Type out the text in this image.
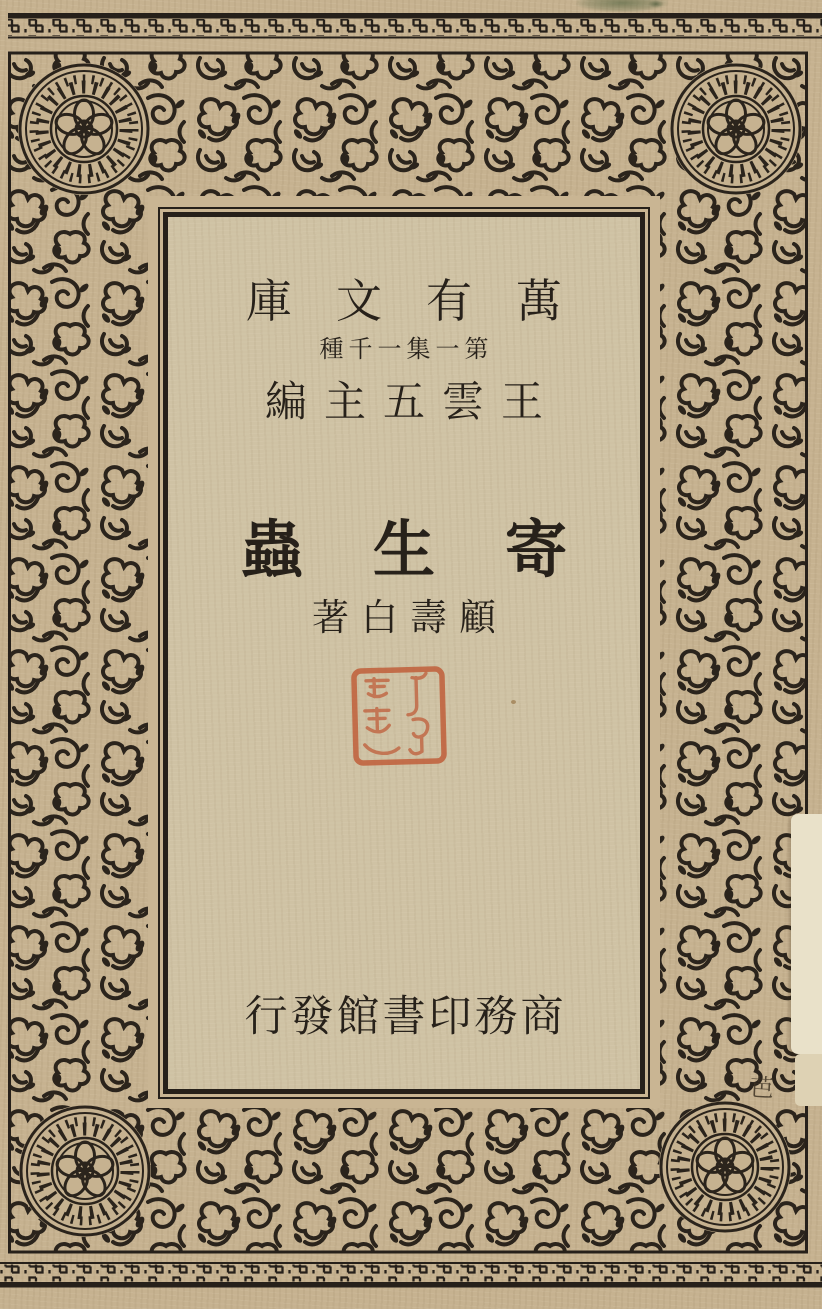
庫文有萬
種千一集一第
編主五雲王
蟲生寄
著白壽顧
行發館書印務商
芭
